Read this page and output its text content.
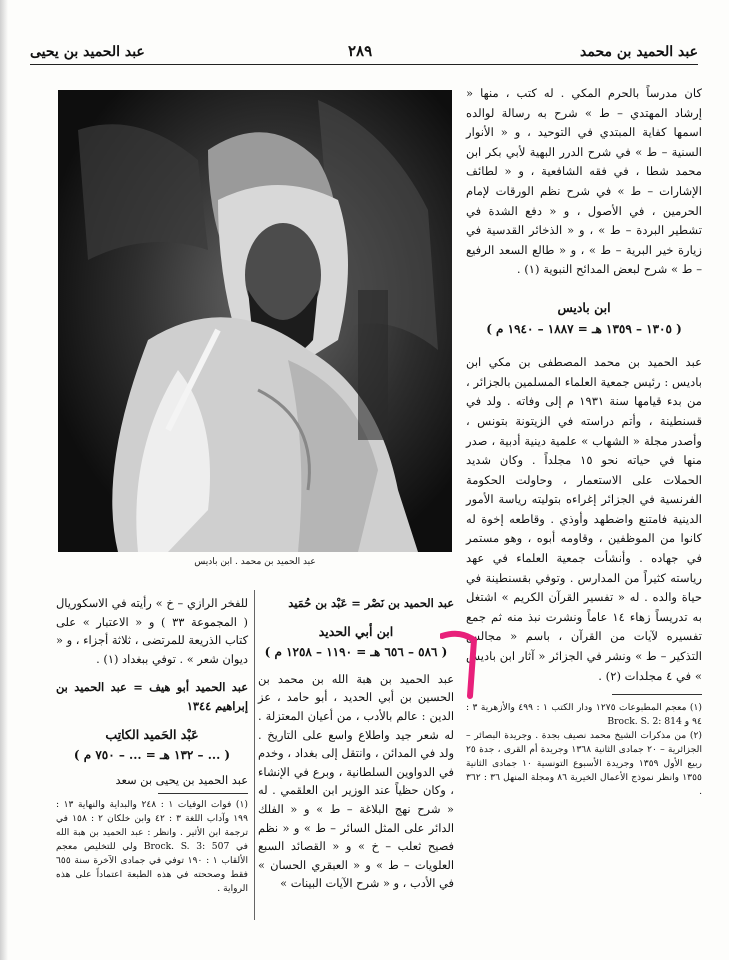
عبد الحميد بن محمد
٢٨٩
عبد الحميد بن يحيى

كان مدرساً بالحرم المكي . له كتب ، منها « إرشاد المهتدي – ط » شرح به رسالة لوالده اسمها كفاية المبتدي في التوحيد ، و « الأنوار السنية – ط » في شرح الدرر البهية لأبي بكر ابن محمد شطا ، في فقه الشافعية ، و « لطائف الإشارات – ط » في شرح نظم الورقات لإمام الحرمين ، في الأصول ، و « دفع الشدة في تشطير البردة – ط » ، و « الذخائر القدسية في زيارة خير البرية – ط » ، و « طالع السعد الرفيع – ط » شرح لبعض المدائح النبوية (١) .

ابن باديس
( ١٣٠٥ – ١٣٥٩ هـ = ١٨٨٧ – ١٩٤٠ م )

عبد الحميد بن محمد المصطفى بن مكي ابن باديس : رئيس جمعية العلماء المسلمين بالجزائر ، من بدء قيامها سنة ١٩٣١ م إلى وفاته . ولد في قسنطينة ، وأتم دراسته في الزيتونة بتونس ، وأصدر مجلة « الشهاب » علمية دينية أدبية ، صدر منها في حياته نحو ١٥ مجلداً . وكان شديد الحملات على الاستعمار ، وحاولت الحكومة الفرنسية في الجزائر إغراءه بتوليته رياسة الأمور الدينية فامتنع واضطهد وأوذي . وقاطعه إخوة له كانوا من الموظفين ، وقاومه أبوه ، وهو مستمر في جهاده . وأنشأت جمعية العلماء في عهد رياسته كثيراً من المدارس . وتوفي بقسنطينة في حياة والده . له « تفسير القرآن الكريم » اشتغل به تدريساً زهاء ١٤ عاماً ونشرت نبذ منه ثم جمع تفسيره لآيات من القرآن ، باسم « مجالس التذكير – ط » ونشر في الجزائر « آثار ابن باديس » في ٤ مجلدات (٢) .

(١) معجم المطبوعات ١٢٧٥ ودار الكتب ١ : ٤٩٩ والأزهرية ٣ : ٩٤ و Brock. S. 2: 814

(٢) من مذكرات الشيخ محمد نصيف بجدة . وجريدة البصائر – الجزائرية – ٢٠ جمادى الثانية ١٣٦٨ وجريدة أم القرى ، جدة ٢٥ ربيع الأول ١٣٥٩ وجريدة الأسبوع التونسية ١٠ جمادى الثانية ١٣٥٥ وانظر نموذج الأعمال الخيرية ٨٦ ومجلة المنهل ٣٦ : ٣٦٢ .

عبد الحميد بن محمد . ابن باديس

عبد الحميد بن نَصْر = عَبْد بن حُمَيد

ابن أبي الحديد
( ٥٨٦ – ٦٥٦ هـ = ١١٩٠ – ١٢٥٨ م )

عبد الحميد بن هبة الله بن محمد بن الحسين بن أبي الحديد ، أبو حامد ، عز الدين : عالم بالأدب ، من أعيان المعتزلة . له شعر جيد واطلاع واسع على التاريخ . ولد في المدائن ، وانتقل إلى بغداد ، وخدم في الدواوين السلطانية ، وبرع في الإنشاء ، وكان حظياً عند الوزير ابن العلقمي . له « شرح نهج البلاغة – ط » و « الفلك الدائر على المثل السائر – ط » و « نظم فصيح ثعلب – خ » و « القصائد السبع العلويات – ط » و « العبقري الحسان » في الأدب ، و « شرح الآيات البينات »

للفخر الرازي – خ » رأيته في الاسكوريال ( المجموعة ٣٣ ) و « الاعتبار » على كتاب الذريعة للمرتضى ، ثلاثة أجزاء ، و « ديوان شعر » . توفي ببغداد (١) .

عبد الحميد أبو هيف = عبد الحميد بن إبراهيم ١٣٤٤

عَبْد الحَميد الكاتِب
( ... – ١٣٢ هـ = ... – ٧٥٠ م )

عبد الحميد بن يحيى بن سعد

(١) فوات الوفيات ١ : ٢٤٨ والبداية والنهاية ١٣ : ١٩٩ وآداب اللغة ٣ : ٤٢ وابن خلكان ٢ : ١٥٨ في ترجمة ابن الأثير . وانظر : عبد الحميد بن هبة الله في Brock. S. 3: 507 ولي للتخليص معجم الألقاب ١ : ١٩٠ توفي في جمادى الآخرة سنة ٦٥٥ فقط وصححته في هذه الطبعة اعتماداً على هذه الرواية .
